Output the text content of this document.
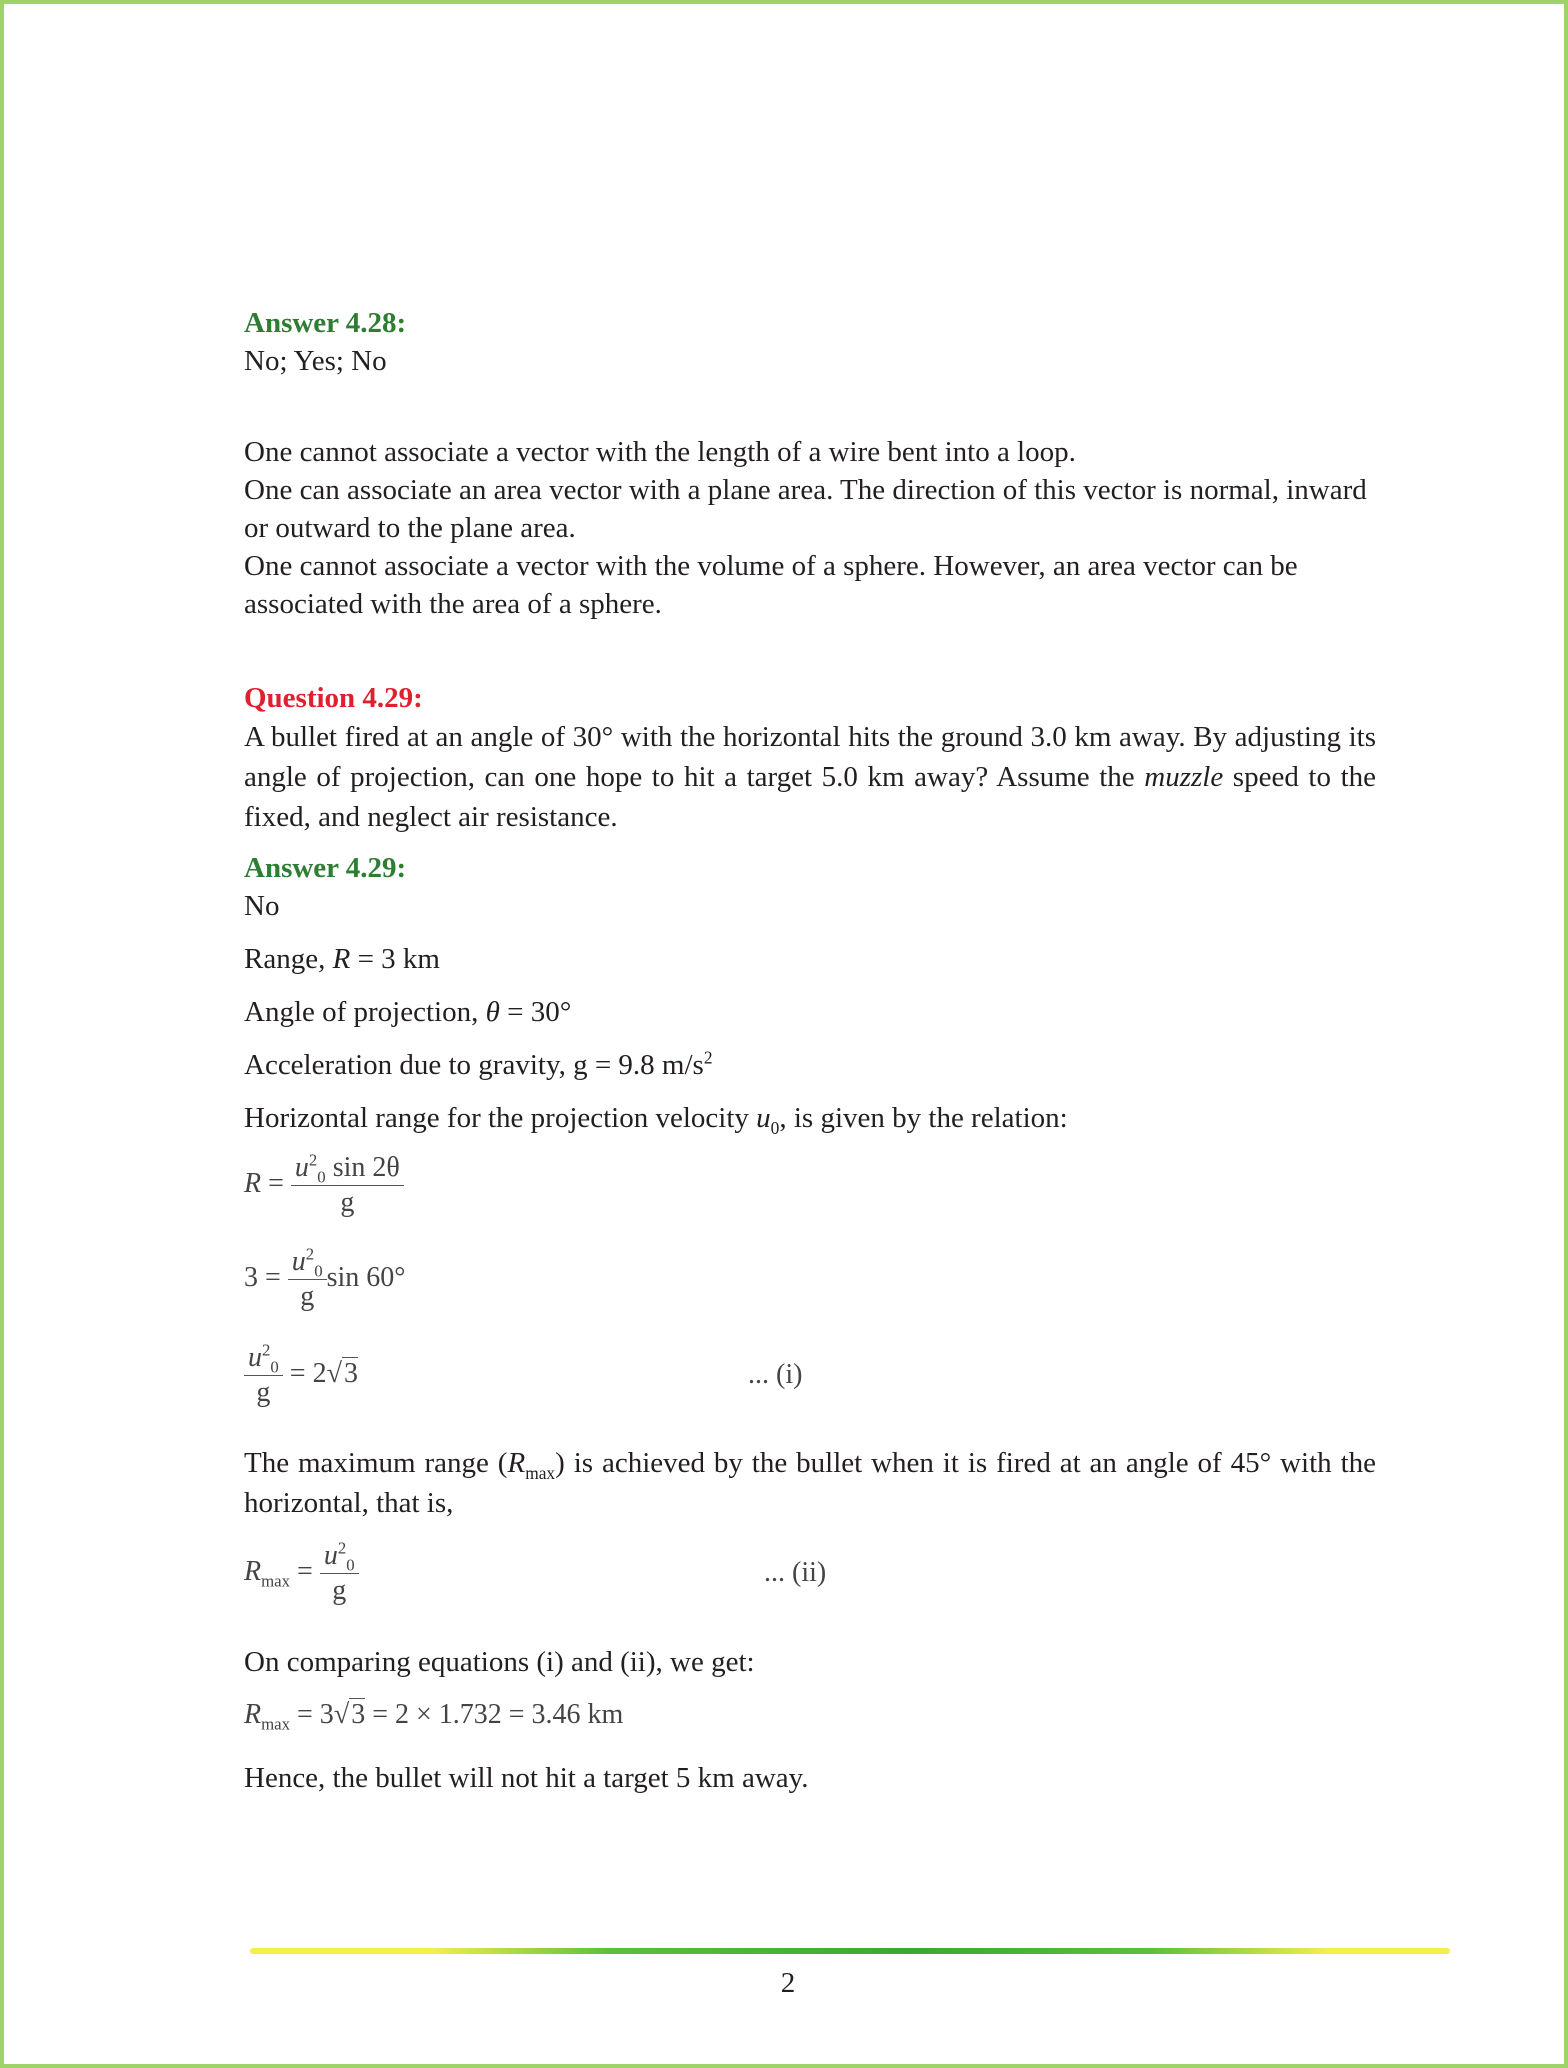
Answer 4.28:

No; Yes; No

One cannot associate a vector with the length of a wire bent into a loop.

One can associate an area vector with a plane area. The direction of this vector is normal, inward or outward to the plane area.

One cannot associate a vector with the volume of a sphere. However, an area vector can be associated with the area of a sphere.

Question 4.29:

A bullet fired at an angle of 30° with the horizontal hits the ground 3.0 km away. By adjusting its angle of projection, can one hope to hit a target 5.0 km away? Assume the muzzle speed to the fixed, and neglect air resistance.

Answer 4.29:

No

Range, R = 3 km

Angle of projection, θ = 30°

Acceleration due to gravity, g = 9.8 $m/s^2$

Horizontal range for the projection velocity $u_0$, is given by the relation:

$R = \frac{u^2_0 \sin 2\theta}{g}$
$3 = \frac{u^2_0}{g}$ sin 60°
$\frac{u^2_0}{g} = 2√3$	... (i)

The maximum range $(R_{max})$ is achieved by the bullet when it is fired at an angle of 45° with the horizontal, that is,

$R_{max} = \frac{u^2_0}{g}$	... (ii)

On comparing equations (i) and (ii), we get:

$R_{max} = 3√3 = 2 \times 1.732 = 3.46$ km

Hence, the bullet will not hit a target 5 km away.

2
